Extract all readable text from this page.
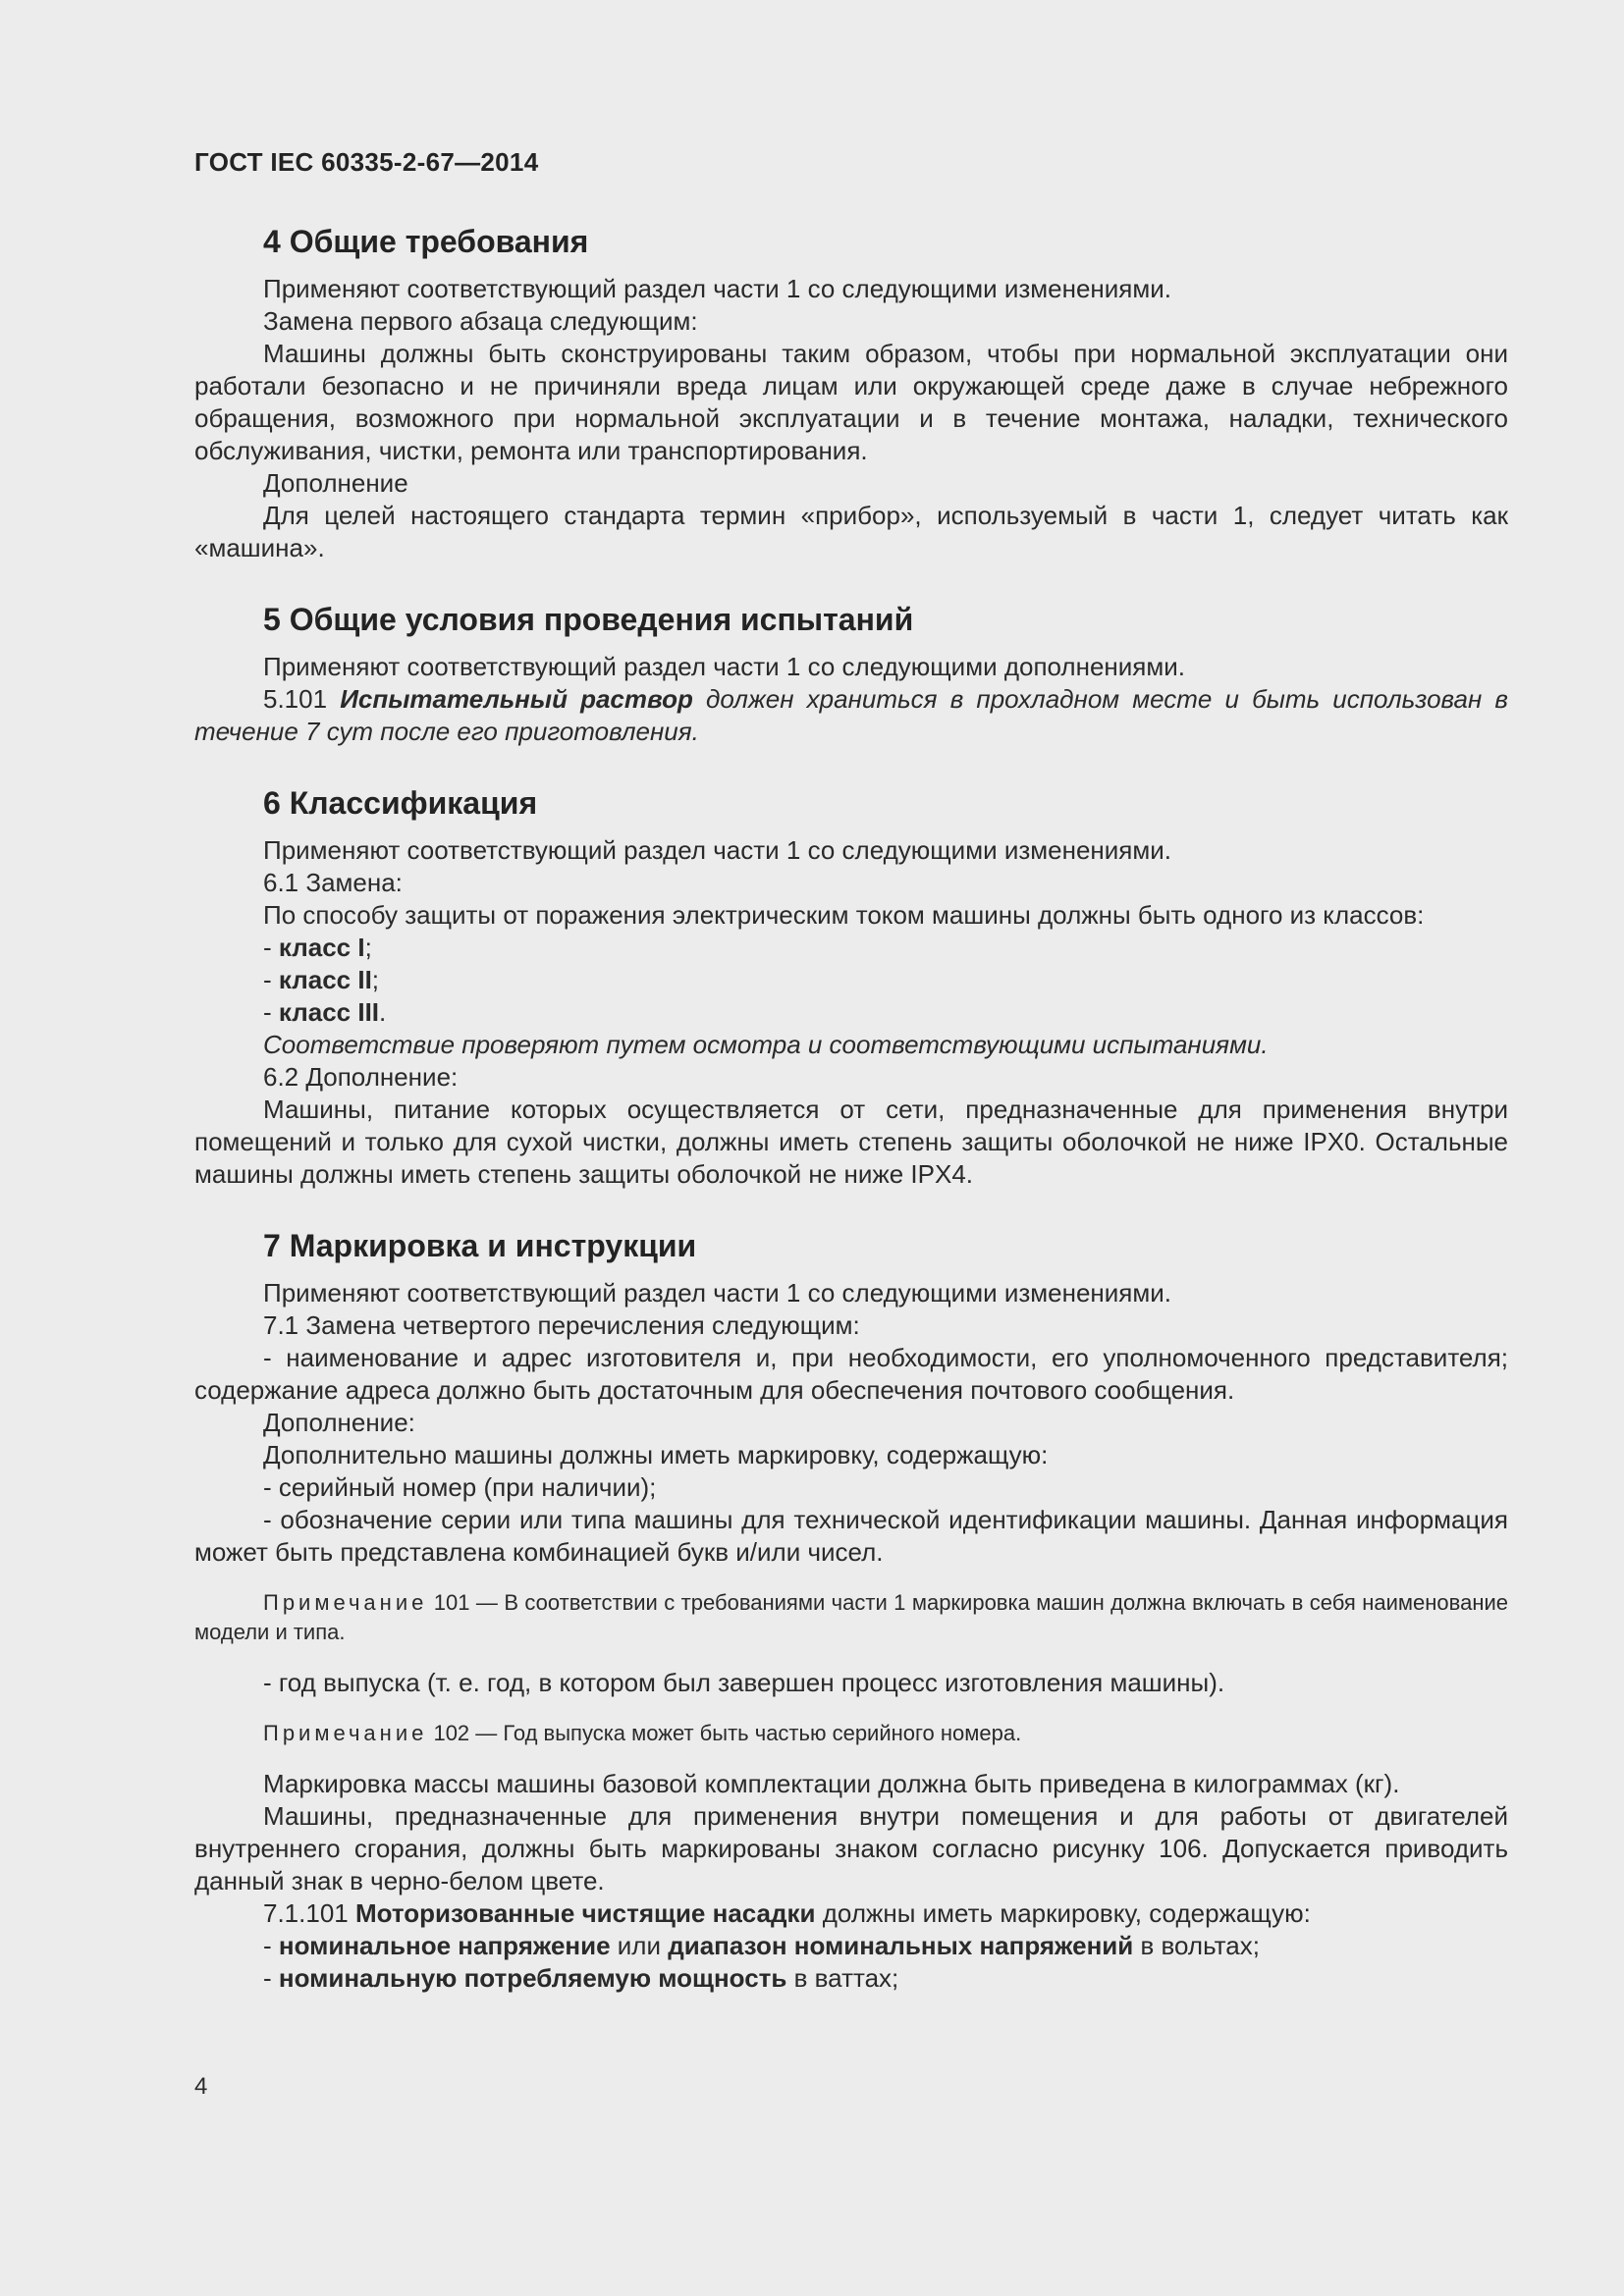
ГОСТ IEC 60335-2-67—2014
4 Общие требования

Применяют соответствующий раздел части 1 со следующими изменениями.

Замена первого абзаца следующим:

Машины должны быть сконструированы таким образом, чтобы при нормальной эксплуатации они работали безопасно и не причиняли вреда лицам или окружающей среде даже в случае небрежного обращения, возможного при нормальной эксплуатации и в течение монтажа, наладки, технического обслуживания, чистки, ремонта или транспортирования.

Дополнение

Для целей настоящего стандарта термин «прибор», используемый в части 1, следует читать как «машина».

5 Общие условия проведения испытаний

Применяют соответствующий раздел части 1 со следующими дополнениями.

5.101 Испытательный раствор должен храниться в прохладном месте и быть использован в течение 7 сут после его приготовления.

6 Классификация

Применяют соответствующий раздел части 1 со следующими изменениями.

6.1 Замена:

По способу защиты от поражения электрическим током машины должны быть одного из классов:

- класс I;

- класс II;

- класс III.

Соответствие проверяют путем осмотра и соответствующими испытаниями.

6.2 Дополнение:

Машины, питание которых осуществляется от сети, предназначенные для применения внутри помещений и только для сухой чистки, должны иметь степень защиты оболочкой не ниже IPX0. Остальные машины должны иметь степень защиты оболочкой не ниже IPX4.

7 Маркировка и инструкции

Применяют соответствующий раздел части 1 со следующими изменениями.

7.1 Замена четвертого перечисления следующим:

- наименование и адрес изготовителя и, при необходимости, его уполномоченного представителя; содержание адреса должно быть достаточным для обеспечения почтового сообщения.

Дополнение:

Дополнительно машины должны иметь маркировку, содержащую:

- серийный номер (при наличии);

- обозначение серии или типа машины для технической идентификации машины. Данная информация может быть представлена комбинацией букв и/или чисел.

Примечание 101 — В соответствии с требованиями части 1 маркировка машин должна включать в себя наименование модели и типа.

- год выпуска (т. е. год, в котором был завершен процесс изготовления машины).

Примечание 102 — Год выпуска может быть частью серийного номера.

Маркировка массы машины базовой комплектации должна быть приведена в килограммах (кг).

Машины, предназначенные для применения внутри помещения и для работы от двигателей внутреннего сгорания, должны быть маркированы знаком согласно рисунку 106. Допускается приводить данный знак в черно-белом цвете.

7.1.101 Моторизованные чистящие насадки должны иметь маркировку, содержащую:

- номинальное напряжение или диапазон номинальных напряжений в вольтах;

- номинальную потребляемую мощность в ваттах;

4
